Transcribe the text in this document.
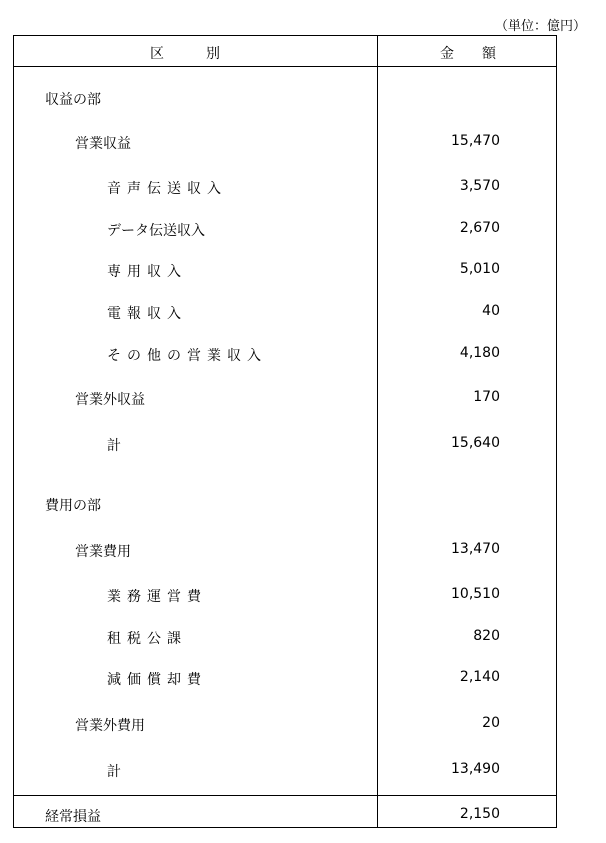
（単位：億円）
区　　　別	金　　額
収益の部
営業収益	15,470
音声伝送収入	3,570
データ伝送収入	2,670
専用収入	5,010
電報収入	40
その他の営業収入	4,180
営業外収益	170
計	15,640
費用の部
営業費用	13,470
業務運営費	10,510
租税公課	820
減価償却費	2,140
営業外費用	20
計	13,490
経常損益	2,150
